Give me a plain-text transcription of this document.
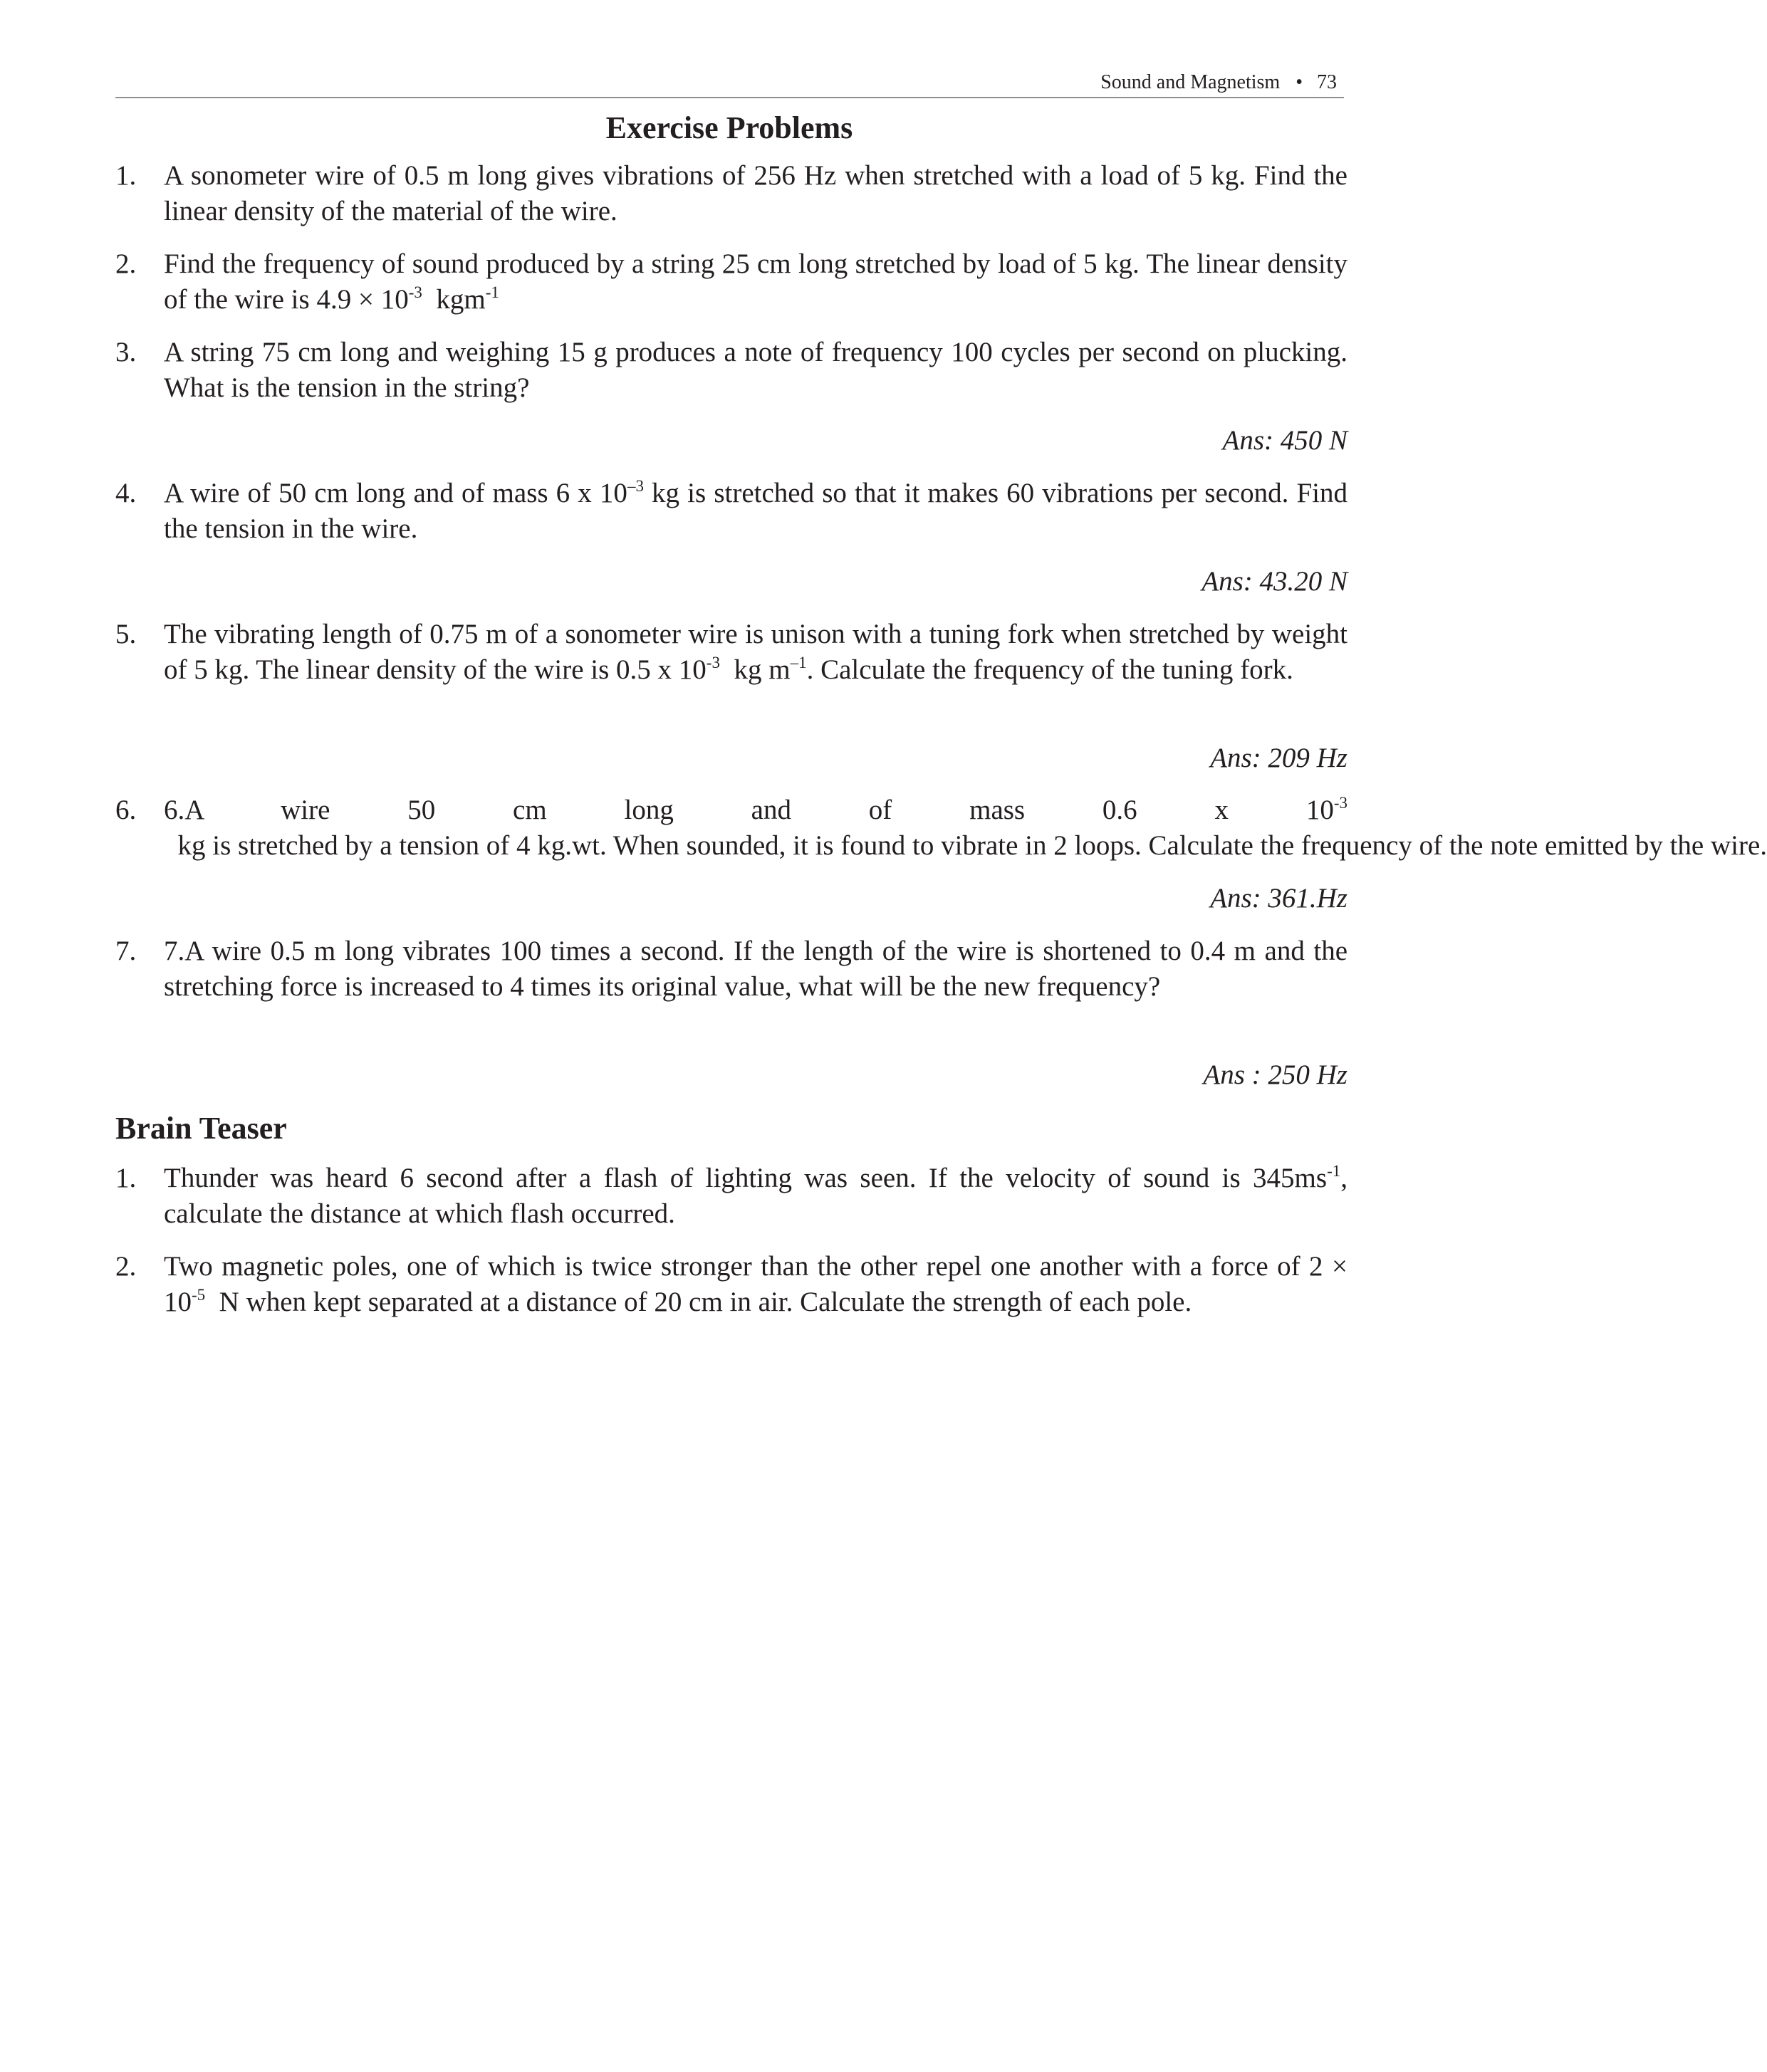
Sound and Magnetism • 73
Exercise Problems
1. A sonometer wire of 0.5 m long gives vibrations of 256 Hz when stretched with a load of 5 kg. Find the linear density of the material of the wire.
2. Find the frequency of sound produced by a string 25 cm long stretched by load of 5 kg. The linear density of the wire is $4.9 \times 10^{-3}$  kgm$^{-1}$
3. A string 75 cm long and weighing 15 g produces a note of frequency 100 cycles per second on plucking. What is the tension in the string?
Ans: 450 N
4. A wire of 50 cm long and of mass 6 x $10^{-3}$ kg is stretched so that it makes 60 vibrations per second. Find the tension in the wire.
Ans: 43.20 N
5. The vibrating length of 0.75 m of a sonometer wire is unison with a tuning fork when stretched by weight of 5 kg. The linear density of the wire is 0.5 x $10^{-3}$  kg $m^{-1}$. Calculate the frequency of the tuning fork.
Ans: 209 Hz
6. 6.A wire 50 cm long and of mass 0.6 x $10^{-3}$  kg is stretched by a tension of 4 kg.wt. When sounded, it is found to vibrate in 2 loops. Calculate the frequency of the note emitted by the wire.
Ans: 361.Hz
7. 7.A wire 0.5 m long vibrates 100 times a second. If the length of the wire is shortened to 0.4 m and the stretching force is increased to 4 times its original value, what will be the new frequency?
Ans : 250 Hz
Brain Teaser
1. Thunder was heard 6 second after a flash of lighting was seen. If the velocity of sound is $345ms^{-1}$, calculate the distance at which flash occurred.
2. Two magnetic poles, one of which is twice stronger than the other repel one another with a force of $2 \times 10^{-5}$  N when kept separated at a distance of 20 cm in air. Calculate the strength of each pole.
